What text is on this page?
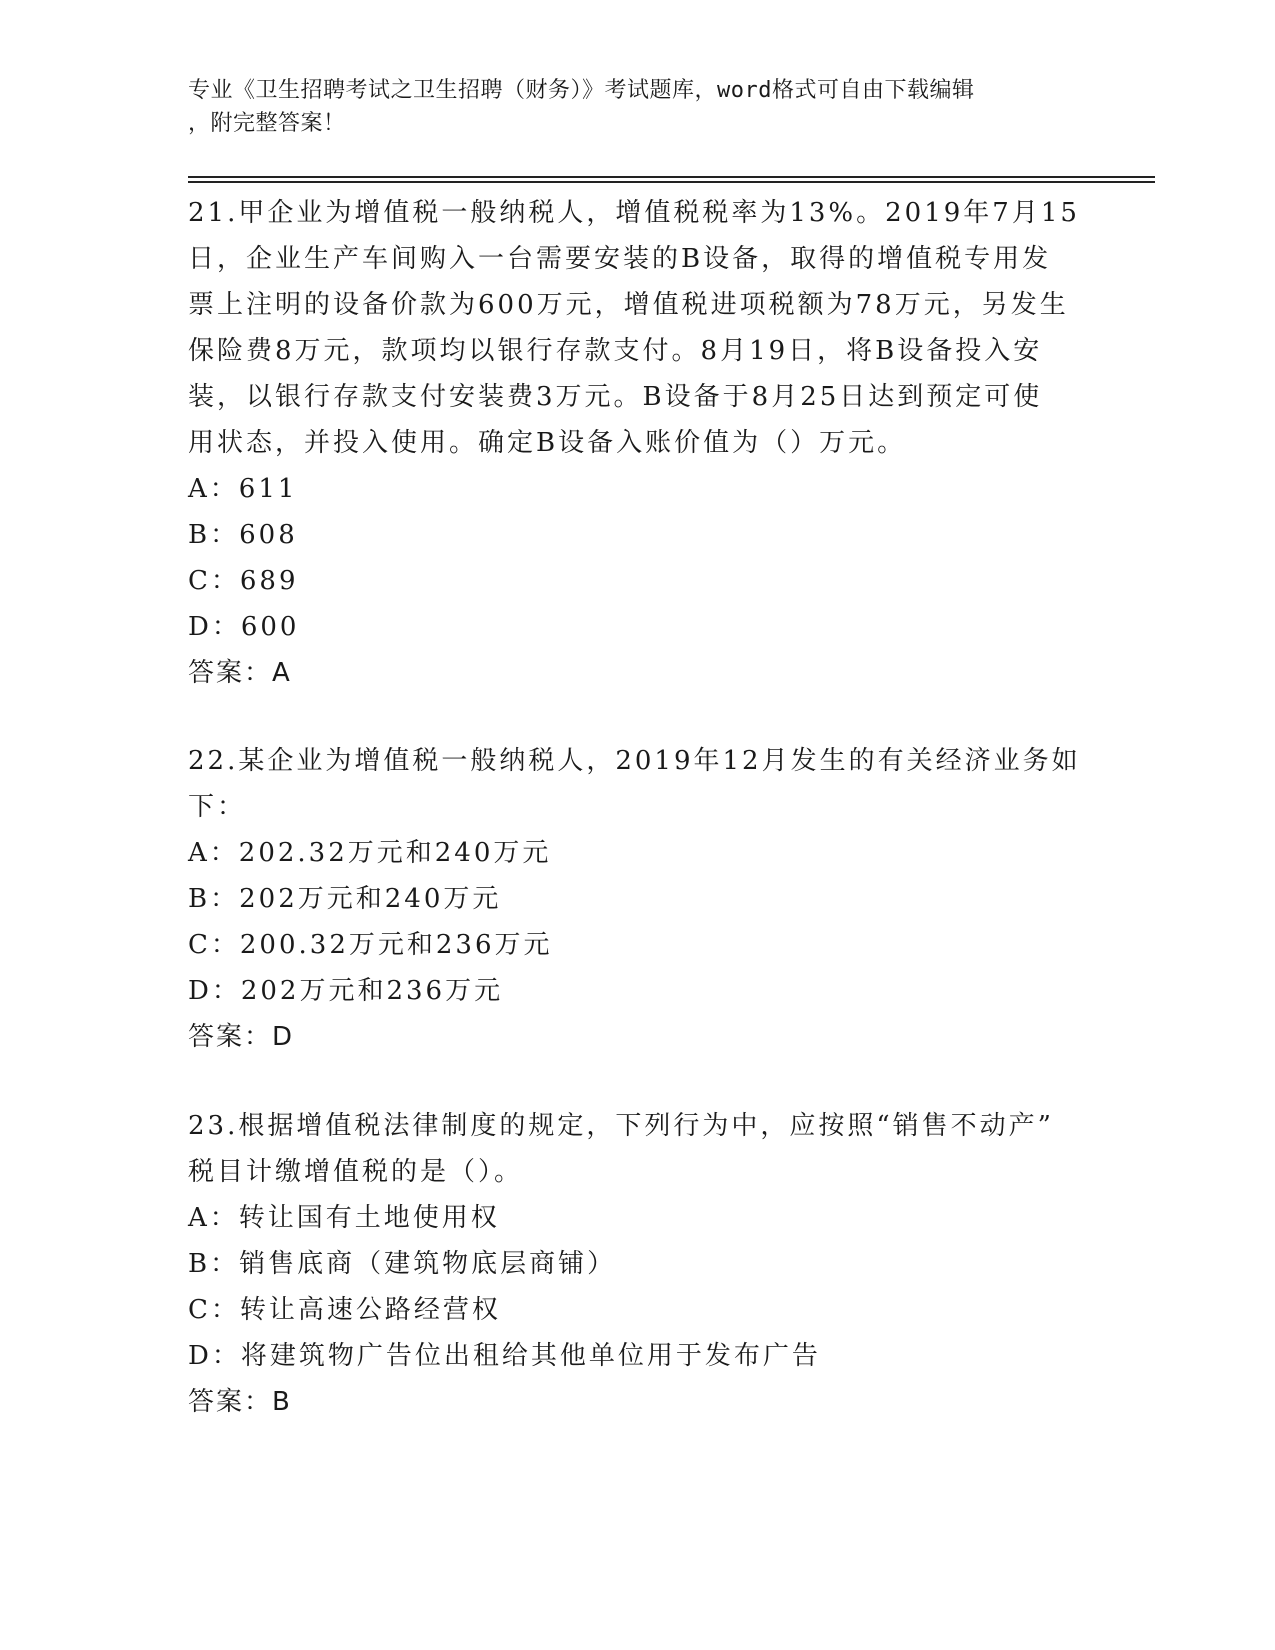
专业《卫生招聘考试之卫生招聘（财务）》考试题库，word格式可自由下载编辑
，附完整答案！
21.甲企业为增值税一般纳税人，增值税税率为13%。2019年7月15
日，企业生产车间购入一台需要安装的B设备，取得的增值税专用发
票上注明的设备价款为600万元，增值税进项税额为78万元，另发生
保险费8万元，款项均以银行存款支付。8月19日，将B设备投入安
装，以银行存款支付安装费3万元。B设备于8月25日达到预定可使
用状态，并投入使用。确定B设备入账价值为（）万元。
A：611
B：608
C：689
D：600
答案：A
22.某企业为增值税一般纳税人，2019年12月发生的有关经济业务如
下：
A：202.32万元和240万元
B：202万元和240万元
C：200.32万元和236万元
D：202万元和236万元
答案：D
23.根据增值税法律制度的规定，下列行为中，应按照“销售不动产”
税目计缴增值税的是（）。
A：转让国有土地使用权
B：销售底商（建筑物底层商铺）
C：转让高速公路经营权
D：将建筑物广告位出租给其他单位用于发布广告
答案：B
